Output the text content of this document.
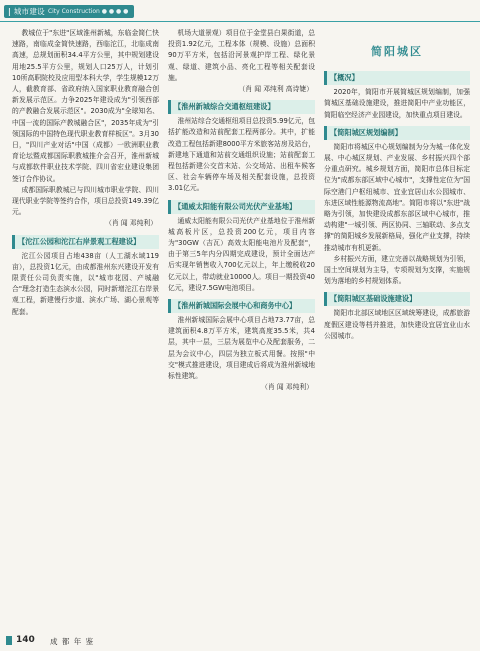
| 城市建设 City Construction ● ● ● ●

教城位于"东进"区域淮州新城，东临金简仁快速路，南临成金简快速路，西临沱江，北临成南高速，总规划面积34.4平方公里，其中规划建设用地25.5平方公里，规划人口25万人，计划引10所高职院校及应用型本科大学，学生规模12万人，截教育部、省政府纳入国家职业教育融合创新发展示范区。力争2025年建设成为"引领西部的产教融合发展示范区"。2030成为"全球知名、中国一流的国际产教城融合区"，2035年成为"引领国际的中国特色现代职业教育样板区"。3月30日，"四川产业对话"中国（成都）一欧洲职业教育论坛暨成都国际职教城推介会召开，淮州新城与成都软件职业技术学院、四川省宏业建设集团签订合作协议。

成都国际职教城已与四川城市职业学院、四川现代职业学院等签约合作，项目总投资149.39亿元。

（肖 闻 邓纯利）

【沱江公园和沱江右岸景观工程建设】

沱江公园项目占地438亩（人工湖水域119亩），总投资1亿元，由成都淮州东兴建设开发有限责任公司负责实施，以"城市花园、产城融合"理念打造生态滨水公园，同时新增沱江右岸景观工程，新建慢行步道、滨水广场、湖心景观等配套。

机场大道景观）项目位于金堂县白果街道，总投资1.92亿元，工程本体（规模、设施）总面积90万平方米，包括沿河景观护岸工程、绿化景观、绿道、建筑小品、亮化工程等相关配套设施。

（肖 闻 邓纯利 高诗婕）

【淮州新城综合交通枢纽建设】

淮州站综合交通枢纽项目总投资5.99亿元，包括扩能改造和站前配套工程两部分。其中，扩能改造工程包括新建8000平方米旅客站房及站台，新建地下通道和站前交通组织设施；站前配套工程包括新建公交首末站、公交场站、出租车候客区、社会车辆停车场及相关配套设施，总投资3.01亿元。

【通威太阳能有限公司光伏产业基地】

通威太阳能有限公司光伏产业基地位于淮州新城高板片区，总投资200亿元，项目内容为"30GW（吉瓦）高效太阳能电池片及配套"，由于第三5年内分四期完成建设，预计全面达产后实现年销售收入700亿元以上，年上缴税收20亿元以上，带动就业10000人。项目一期投资40亿元，建设7.5GW电池项目。

【淮州新城国际会展中心和商务中心】

淮州新城国际会展中心项目占地73.77亩，总建筑面积4.8万平方米，建筑高度35.5米，共4层，其中一层，三层为展览中心及配套服务，二层为会议中心，四层为独立板式用餐。按照"中交"模式推进建设，项目建成后将成为淮州新城地标性建筑。

（肖 闻 邓纯利）

简阳城区
【概况】

2020年，简阳市开展简城区规划编制，加强简城区基础设施建设，推进简阳中产业功能区，简阳临空经济产业园建设，加快重点项目建设。

【简阳城区规划编制】

简阳市将城区中心规划编制为分为城一体化发展、中心城区规划、产业发展、乡村振兴四个部分重点研究。城乡规划方面，简阳市总体目标定位为"成都东部区域中心城市"，支撑性定位为"国际空港门户枢纽城市、宜业宜居山水公园城市、东进区域性能源物流高地"。简阳市将以"东进"战略为引领，加快建设成都东部区域中心城市，推动构建"一城引领、两区协同、三轴联动、多点支撑"的简阳城乡发展新格局，强化产业支撑，持续推动城市有机更新。

乡村振兴方面，建立完善以战略规划为引领，国土空间规划为主导，专项规划为支撑，实施规划为落地的乡村规划体系。

【简阳城区基础设施建设】

简阳市北部区域地区区域统筹建设，成都旅游度假区建设等档并推进，加快建设宜居宜业山水公园城市。

140 成 都 年 鉴
